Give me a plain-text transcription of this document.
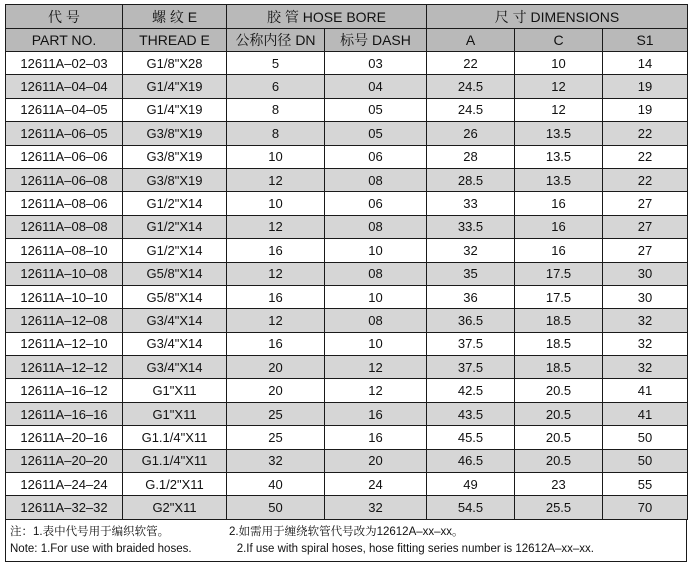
代 号	螺 纹 E	胶 管 HOSE BORE		尺 寸 DIMENSIONS		
PART NO.	THREAD E	公称内径 DN	标号 DASH	A	C	S1
12611A–02–03	G1/8"X28	5	03	22	10	14
12611A–04–04	G1/4"X19	6	04	24.5	12	19
12611A–04–05	G1/4"X19	8	05	24.5	12	19
12611A–06–05	G3/8"X19	8	05	26	13.5	22
12611A–06–06	G3/8"X19	10	06	28	13.5	22
12611A–06–08	G3/8"X19	12	08	28.5	13.5	22
12611A–08–06	G1/2"X14	10	06	33	16	27
12611A–08–08	G1/2"X14	12	08	33.5	16	27
12611A–08–10	G1/2"X14	16	10	32	16	27
12611A–10–08	G5/8"X14	12	08	35	17.5	30
12611A–10–10	G5/8"X14	16	10	36	17.5	30
12611A–12–08	G3/4"X14	12	08	36.5	18.5	32
12611A–12–10	G3/4"X14	16	10	37.5	18.5	32
12611A–12–12	G3/4"X14	20	12	37.5	18.5	32
12611A–16–12	G1"X11	20	12	42.5	20.5	41
12611A–16–16	G1"X11	25	16	43.5	20.5	41
12611A–20–16	G1.1/4"X11	25	16	45.5	20.5	50
12611A–20–20	G1.1/4"X11	32	20	46.5	20.5	50
12611A–24–24	G.1/2"X11	40	24	49	23	55
12611A–32–32	G2"X11	50	32	54.5	25.5	70
注： 1.表中代号用于编织软管。	2.如需用于缠绕软管代号改为12612A–xx–xx。
Note: 1.For use with braided hoses.	2.If use with spiral hoses, hose fitting series number is 12612A–xx–xx.
